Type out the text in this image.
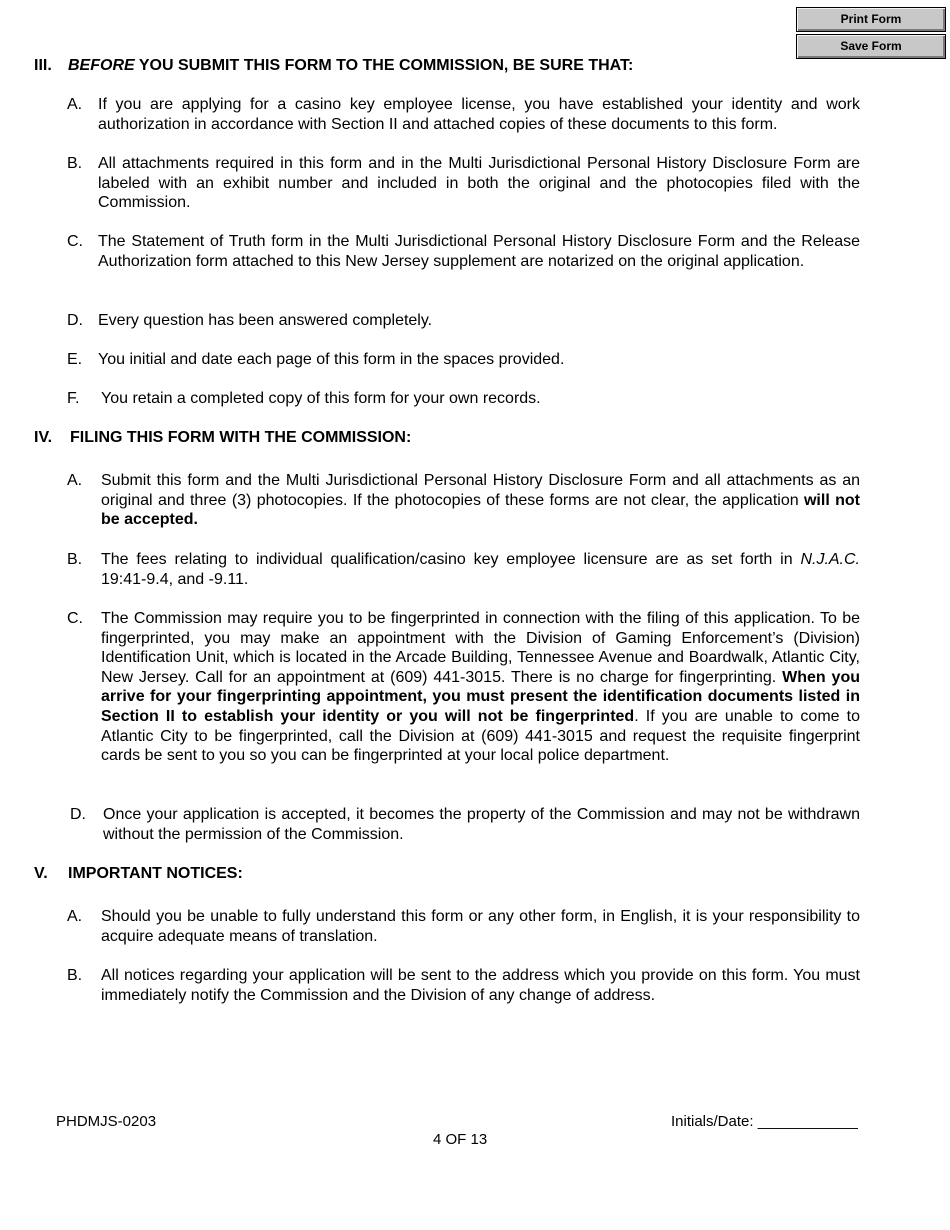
Print Form
Save Form
III. BEFORE YOU SUBMIT THIS FORM TO THE COMMISSION, BE SURE THAT:
A. If you are applying for a casino key employee license, you have established your identity and work authorization in accordance with Section II and attached copies of these documents to this form.
B. All attachments required in this form and in the Multi Jurisdictional Personal History Disclosure Form are labeled with an exhibit number and included in both the original and the photocopies filed with the Commission.
C. The Statement of Truth form in the Multi Jurisdictional Personal History Disclosure Form and the Release Authorization form attached to this New Jersey supplement are notarized on the original application.
D. Every question has been answered completely.
E. You initial and date each page of this form in the spaces provided.
F.	You retain a completed copy of this form for your own records.
IV. FILING THIS FORM WITH THE COMMISSION:
A.	Submit this form and the Multi Jurisdictional Personal History Disclosure Form and all attachments as an original and three (3) photocopies. If the photocopies of these forms are not clear, the application will not be accepted.
B.	The fees relating to individual qualification/casino key employee licensure are as set forth in N.J.A.C. 19:41-9.4, and -9.11.
C.	The Commission may require you to be fingerprinted in connection with the filing of this application. To be fingerprinted, you may make an appointment with the Division of Gaming Enforcement’s (Division) Identification Unit, which is located in the Arcade Building, Tennessee Avenue and Boardwalk, Atlantic City, New Jersey. Call for an appointment at (609) 441-3015. There is no charge for fingerprinting. When you arrive for your fingerprinting appointment, you must present the identification documents listed in Section II to establish your identity or you will not be fingerprinted. If you are unable to come to Atlantic City to be fingerprinted, call the Division at (609) 441-3015 and request the requisite fingerprint cards be sent to you so you can be fingerprinted at your local police department.
D.	Once your application is accepted, it becomes the property of the Commission and may not be withdrawn without the permission of the Commission.
V. IMPORTANT NOTICES:
A.	Should you be unable to fully understand this form or any other form, in English, it is your responsibility to acquire adequate means of translation.
B.	All notices regarding your application will be sent to the address which you provide on this form. You must immediately notify the Commission and the Division of any change of address.
PHDMJS-0203
4 OF 13
Initials/Date: ____________
